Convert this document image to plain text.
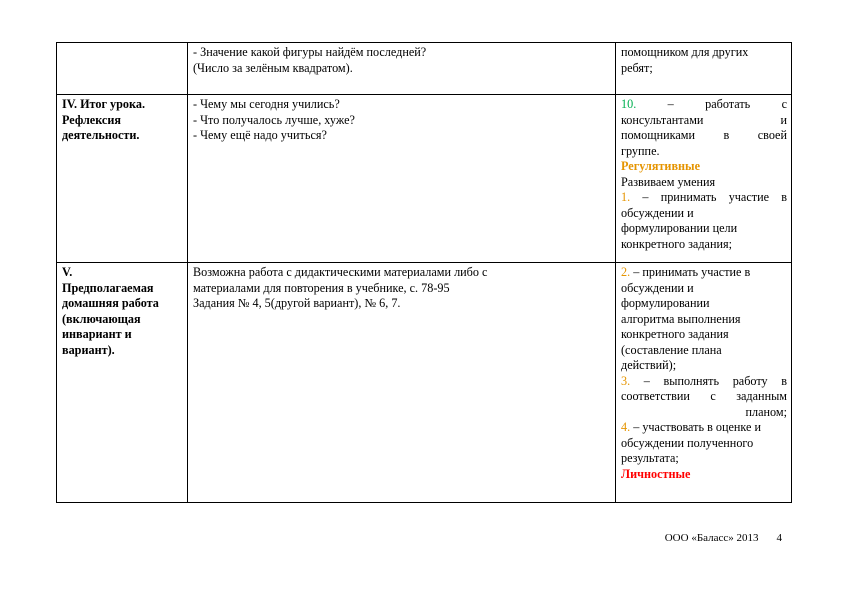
- Значение какой фигуры найдём последней?
(Число за зелёным квадратом).
помощником для других
ребят;
IV. Итог урока.
Рефлексия
деятельности.
- Чему мы сегодня учились?
- Что получалось лучше, хуже?
- Чему ещё надо учиться?
10.	– работать с
консультантами и
помощниками в своей
группе.
Регулятивные
Развиваем умения
1. – принимать участие в
обсуждении и
формулировании цели
конкретного задания;
V.
Предполагаемая
домашняя работа
(включающая
инвариант и
вариант).
Возможна работа с дидактическими материалами либо с
материалами для повторения в учебнике, с. 78-95
Задания № 4, 5(другой вариант), № 6, 7.
2. – принимать участие в
обсуждении и
формулировании
алгоритма выполнения
конкретного задания
(составление плана
действий);
3. – выполнять работу в
соответствии с заданным
планом;
4. – участвовать в оценке и
обсуждении полученного
результата;
Личностные
ООО «Баласс» 2013 4
